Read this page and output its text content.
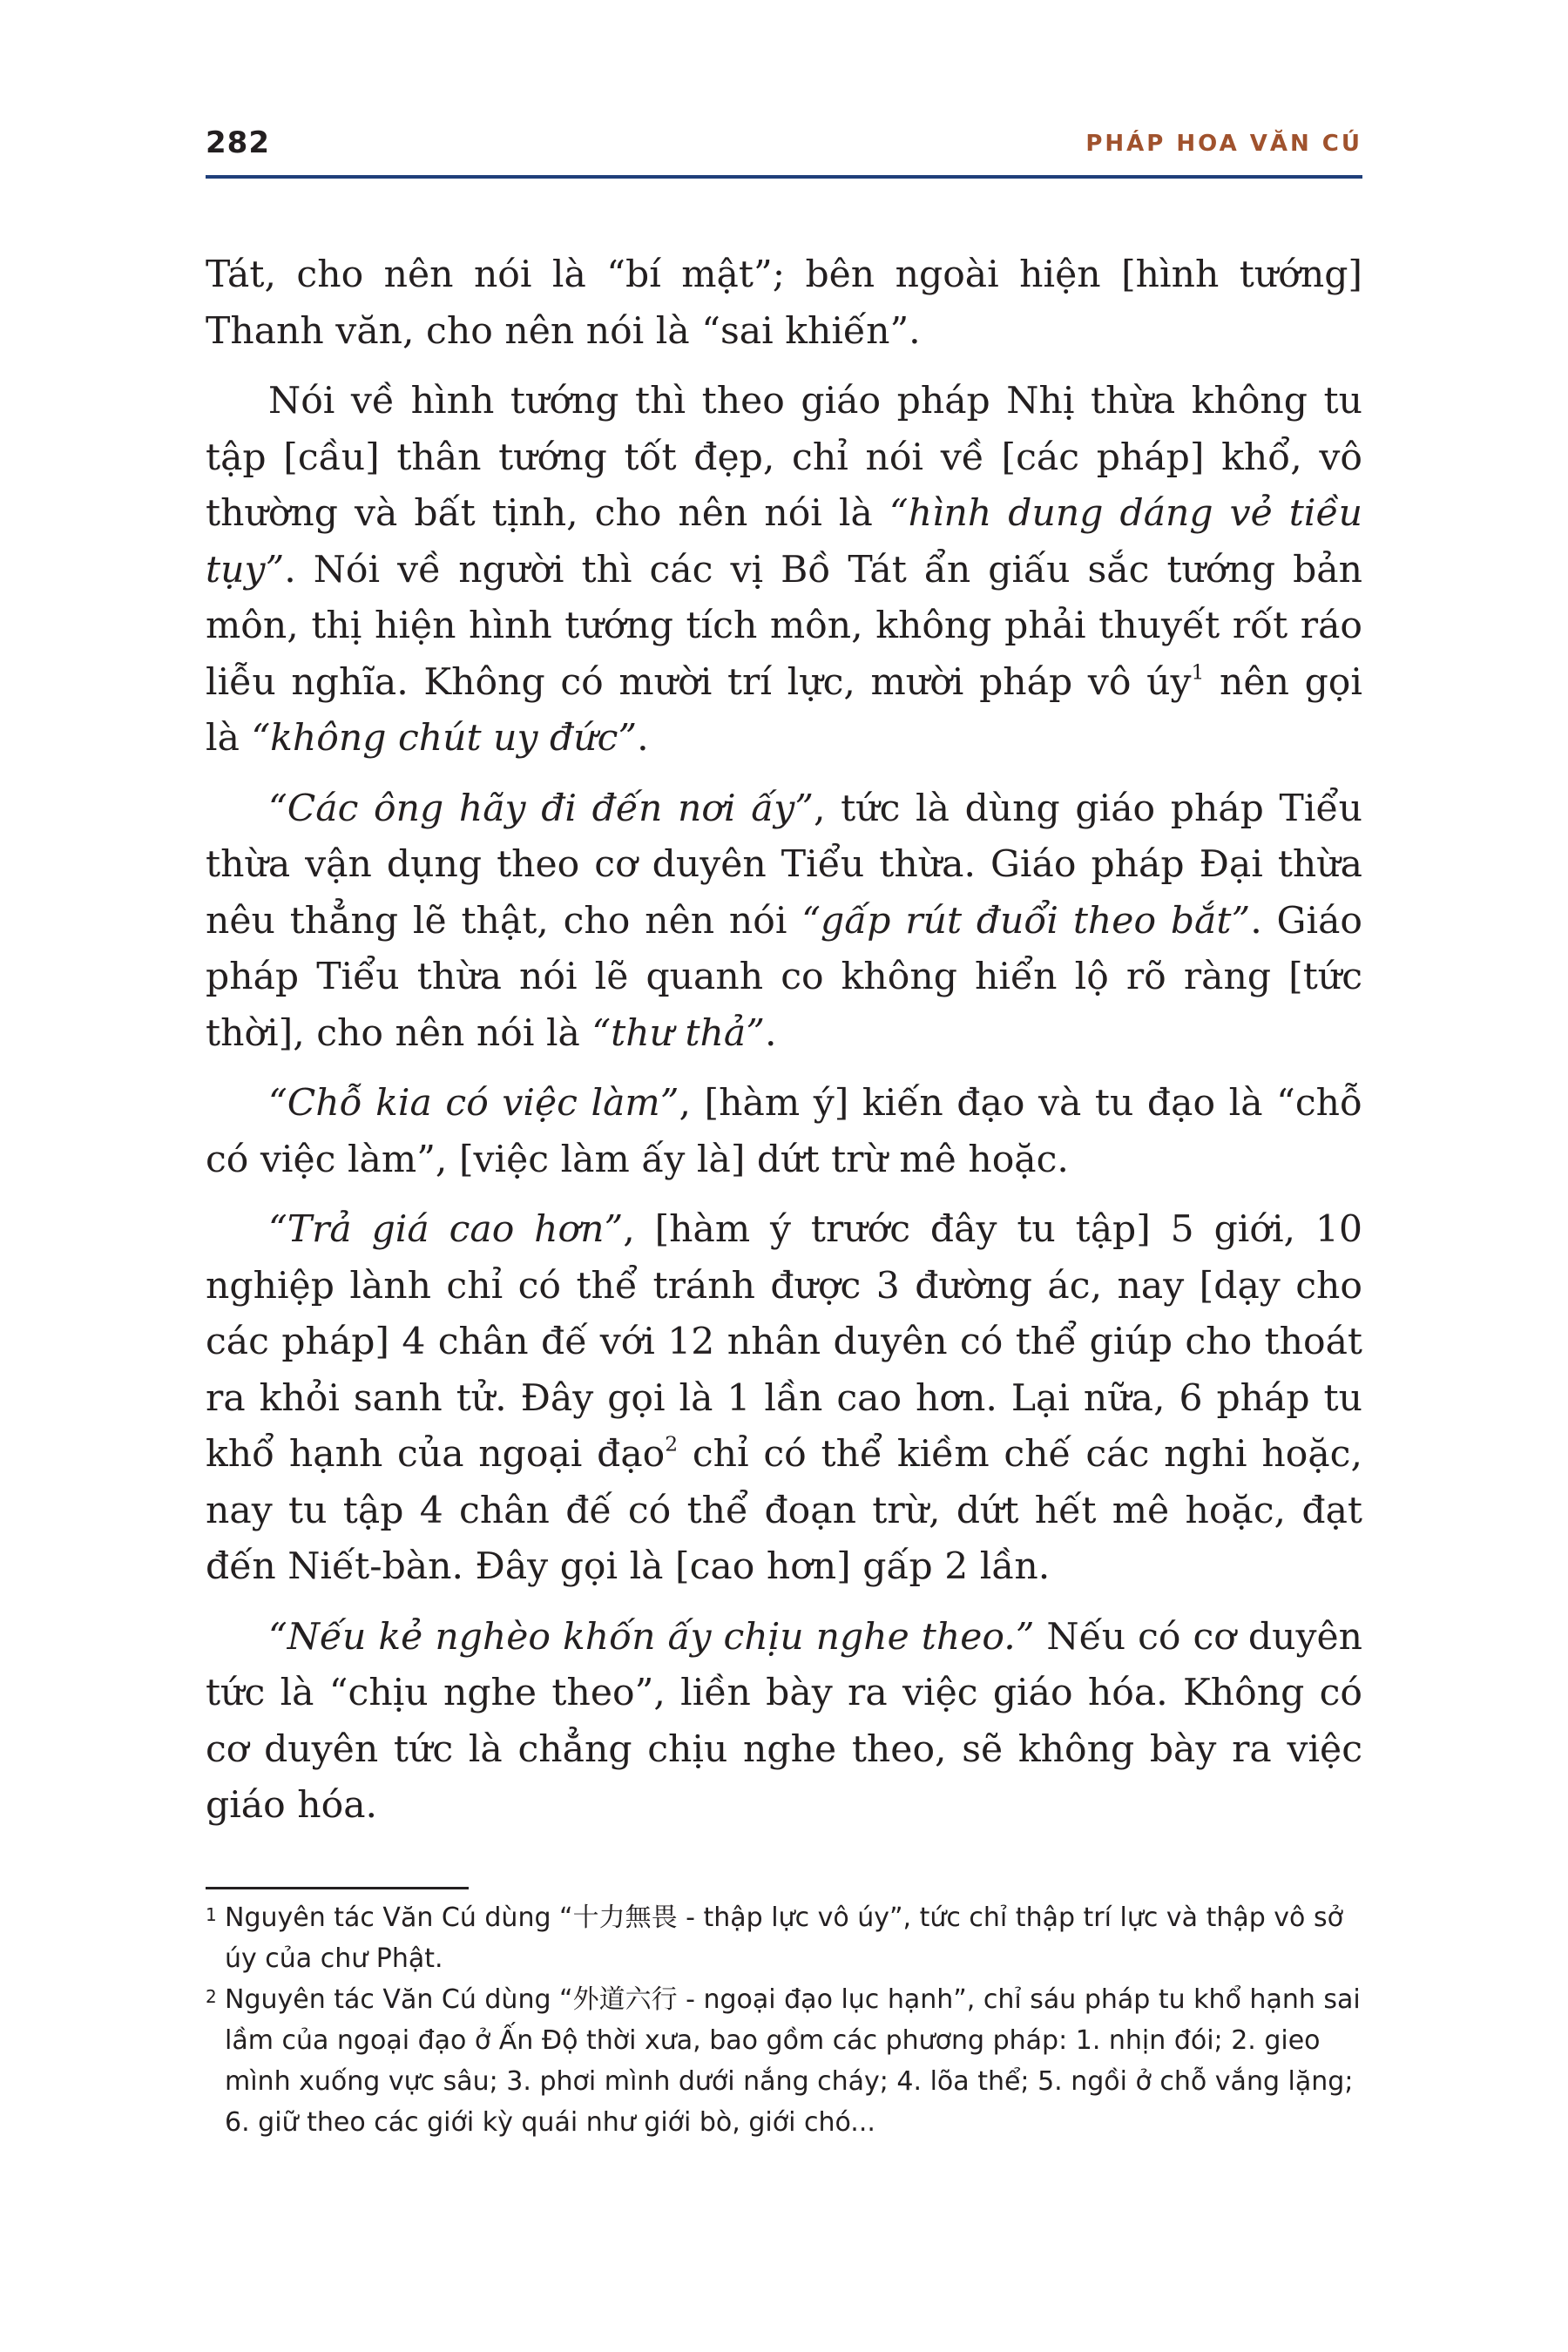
282	PHÁP HOA VĂN CÚ

Tát, cho nên nói là “bí mật”; bên ngoài hiện [hình tướng] Thanh văn, cho nên nói là “sai khiến”.

Nói về hình tướng thì theo giáo pháp Nhị thừa không tu tập [cầu] thân tướng tốt đẹp, chỉ nói về [các pháp] khổ, vô thường và bất tịnh, cho nên nói là “hình dung dáng vẻ tiều tụy”. Nói về người thì các vị Bồ Tát ẩn giấu sắc tướng bản môn, thị hiện hình tướng tích môn, không phải thuyết rốt ráo liễu nghĩa. Không có mười trí lực, mười pháp vô $úy^1$ nên gọi là “không chút uy đức”.

“Các ông hãy đi đến nơi ấy”, tức là dùng giáo pháp Tiểu thừa vận dụng theo cơ duyên Tiểu thừa. Giáo pháp Đại thừa nêu thẳng lẽ thật, cho nên nói “gấp rút đuổi theo bắt”. Giáo pháp Tiểu thừa nói lẽ quanh co không hiển lộ rõ ràng [tức thời], cho nên nói là “thư thả”.

“Chỗ kia có việc làm”, [hàm ý] kiến đạo và tu đạo là “chỗ có việc làm”, [việc làm ấy là] dứt trừ mê hoặc.

“Trả giá cao hơn”, [hàm ý trước đây tu tập] 5 giới, 10 nghiệp lành chỉ có thể tránh được 3 đường ác, nay [dạy cho các pháp] 4 chân đế với 12 nhân duyên có thể giúp cho thoát ra khỏi sanh tử. Đây gọi là 1 lần cao hơn. Lại nữa, 6 pháp tu khổ hạnh của ngoại đạo$^2$ chỉ có thể kiềm chế các nghi hoặc, nay tu tập 4 chân đế có thể đoạn trừ, dứt hết mê hoặc, đạt đến Niết-bàn. Đây gọi là [cao hơn] gấp 2 lần.

“Nếu kẻ nghèo khốn ấy chịu nghe theo.” Nếu có cơ duyên tức là “chịu nghe theo”, liền bày ra việc giáo hóa. Không có cơ duyên tức là chẳng chịu nghe theo, sẽ không bày ra việc giáo hóa.

1 Nguyên tác Văn Cú dùng “十力無畏 - thập lực vô úy”, tức chỉ thập trí lực và thập vô sở úy của chư Phật.
2 Nguyên tác Văn Cú dùng “外道六行 - ngoại đạo lục hạnh”, chỉ sáu pháp tu khổ hạnh sai lầm của ngoại đạo ở Ấn Độ thời xưa, bao gồm các phương pháp: 1. nhịn đói; 2. gieo mình xuống vực sâu; 3. phơi mình dưới nắng cháy; 4. lõa thể; 5. ngồi ở chỗ vắng lặng; 6. giữ theo các giới kỳ quái như giới bò, giới chó...
